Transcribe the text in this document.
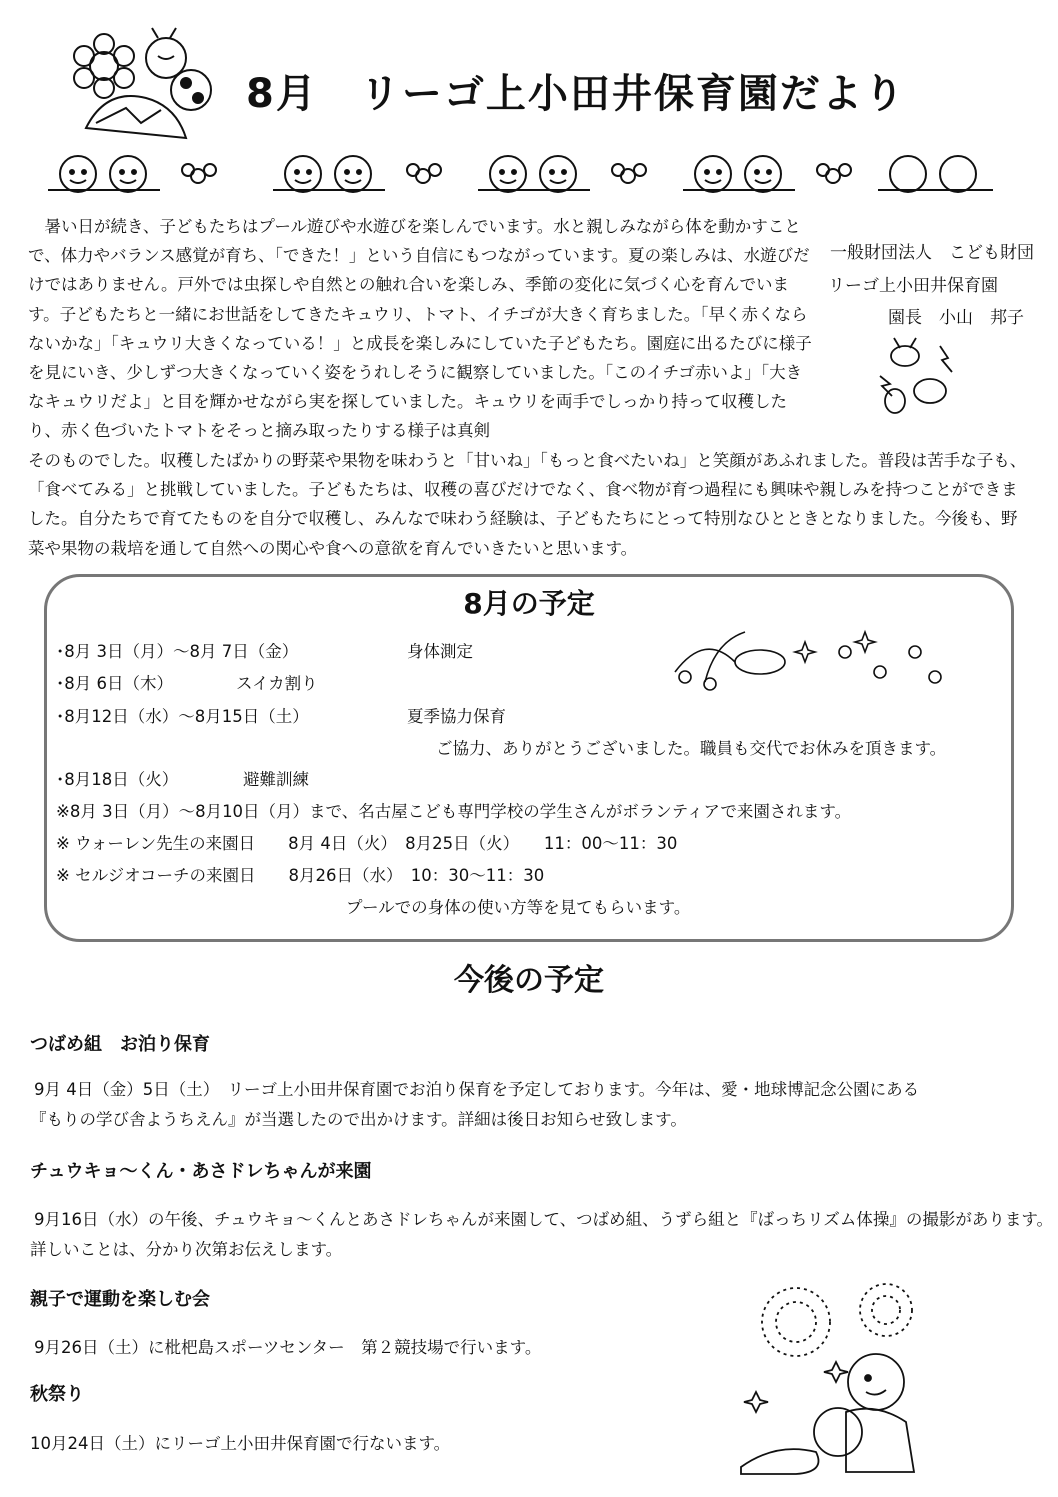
8月　リーゴ上小田井保育園だより

暑い日が続き、子どもたちはプール遊びや水遊びを楽しんでいます。水と親しみながら体を動かすことで、体力やバランス感覚が育ち、「できた！」という自信にもつながっています。夏の楽しみは、水遊びだけではありません。戸外では虫探しや自然との触れ合いを楽しみ、季節の変化に気づく心を育んでいます。子どもたちと一緒にお世話をしてきたキュウリ、トマト、イチゴが大きく育ちました。「早く赤くならないかな」「キュウリ大きくなっている！」と成長を楽しみにしていた子どもたち。園庭に出るたびに様子を見にいき、少しずつ大きくなっていく姿をうれしそうに観察していました。「このイチゴ赤いよ」「大きなキュウリだよ」と目を輝かせながら実を探していました。キュウリを両手でしっかり持って収穫したり、赤く色づいたトマトをそっと摘み取ったりする様子は真剣

一般財団法人　こども財団
リーゴ上小田井保育園
園長　小山　邦子

そのものでした。収穫したばかりの野菜や果物を味わうと「甘いね」「もっと食べたいね」と笑顔があふれました。普段は苦手な子も、「食べてみる」と挑戦していました。子どもたちは、収穫の喜びだけでなく、食べ物が育つ過程にも興味や親しみを持つことができました。自分たちで育てたものを自分で収穫し、みんなで味わう経験は、子どもたちにとって特別なひとときとなりました。今後も、野菜や果物の栽培を通して自然への関心や食への意欲を育んでいきたいと思います。

8月の予定
･8月 3日（月）～8月 7日（金）	身体測定
･8月 6日（木）	スイカ割り
･8月12日（水）～8月15日（土）	夏季協力保育
ご協力、ありがとうございました。職員も交代でお休みを頂きます。
･8月18日（火）	避難訓練
※8月 3日（月）～8月10日（月）まで、名古屋こども専門学校の学生さんがボランティアで来園されます。
※ ウォーレン先生の来園日　　8月 4日（火）　8月25日（火）　　11：00～11：30
※ セルジオコーチの来園日　　8月26日（水）　10：30～11：30
プールでの身体の使い方等を見てもらいます。
今後の予定
つばめ組　お泊り保育
9月 4日（金）5日（土）　リーゴ上小田井保育園でお泊り保育を予定しております。今年は、愛・地球博記念公園にある
『もりの学び舎ようちえん』が当選したので出かけます。詳細は後日お知らせ致します。
チュウキョ～くん・あさドレちゃんが来園
9月16日（水）の午後、チュウキョ～くんとあさドレちゃんが来園して、つばめ組、うずら組と『ばっちリズム体操』の撮影があります。
詳しいことは、分かり次第お伝えします。
親子で運動を楽しむ会
9月26日（土）に枇杷島スポーツセンター　第２競技場で行います。
秋祭り
10月24日（土）にリーゴ上小田井保育園で行ないます。
